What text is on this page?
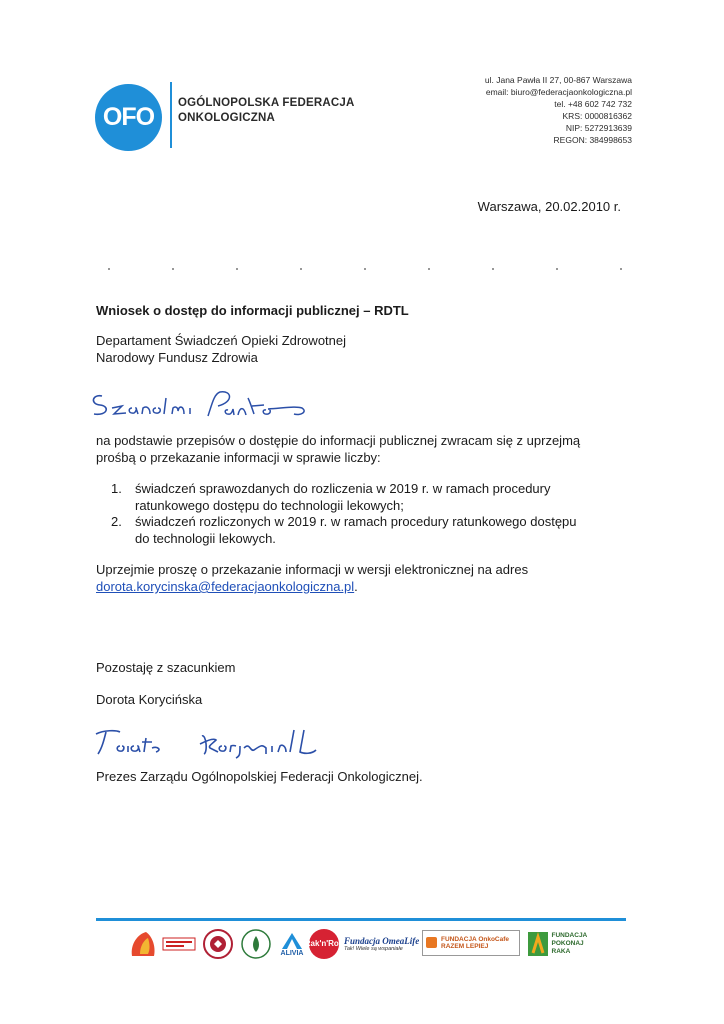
OFO OGÓLNOPOLSKA FEDERACJA
ONKOLOGICZNA
ul. Jana Pawła II 27, 00-867 Warszawa
email: biuro@federacjaonkologiczna.pl
tel. +48 602 742 732
KRS: 0000816362
NIP: 5272913639
REGON: 384998653
Warszawa, 20.02.2010 r.
Wniosek o dostęp do informacji publicznej – RDTL
Departament Świadczeń Opieki Zdrowotnej
Narodowy Fundusz Zdrowia
na podstawie przepisów o dostępie do informacji publicznej zwracam się z uprzejmą
prośbą o przekazanie informacji w sprawie liczby:
1. świadczeń sprawozdanych do rozliczenia w 2019 r. w ramach procedury
ratunkowego dostępu do technologii lekowych;
2. świadczeń rozliczonych w 2019 r. w ramach procedury ratunkowego dostępu
do technologii lekowych.
Uprzejmie proszę o przekazanie informacji w wersji elektronicznej na adres
dorota.korycinska@federacjaonkologiczna.pl.
Pozostaję z szacunkiem
Dorota Korycińska
Prezes Zarządu Ogólnopolskiej Federacji Onkologicznej.
ALIVIA
Rak'n'Roll Fundacja OmeaLife
Tak! Wiele są wspaniałe
FUNDACJA OnkoCafe RAZEM LEPIEJ
FUNDACJA POKONAJ RAKA
